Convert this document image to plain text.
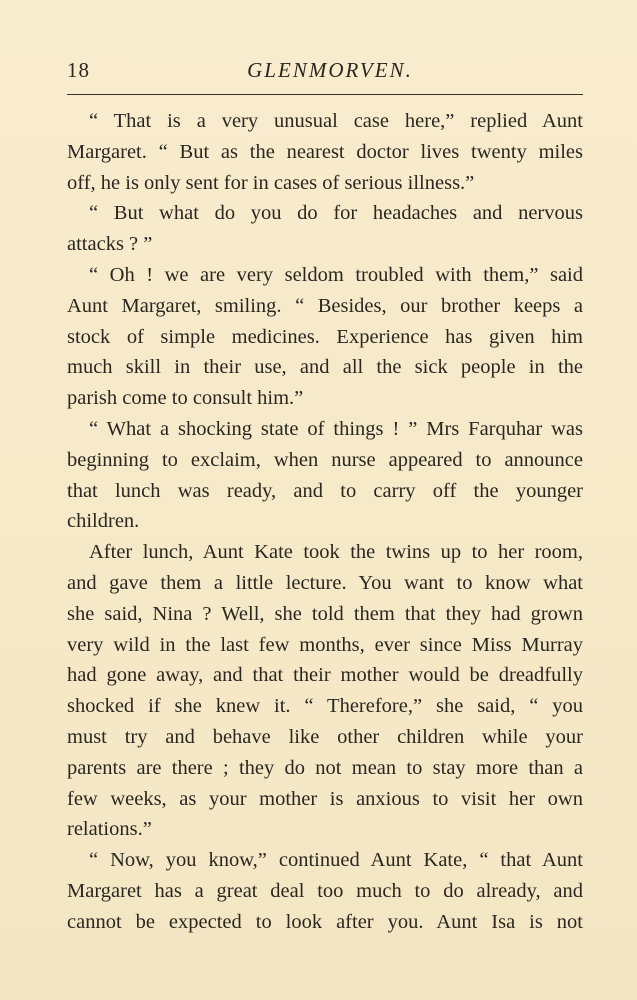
18	GLENMORVEN.
“ That is a very unusual case here,” replied Aunt
Margaret. “ But as the nearest doctor lives twenty miles
off, he is only sent for in cases of serious illness.”
“ But what do you do for headaches and nervous
attacks ? ”
“ Oh ! we are very seldom troubled with them,” said
Aunt Margaret, smiling. “ Besides, our brother keeps a
stock of simple medicines. Experience has given him
much skill in their use, and all the sick people in the
parish come to consult him.”
“ What a shocking state of things ! ” Mrs Farquhar was
beginning to exclaim, when nurse appeared to announce
that lunch was ready, and to carry off the younger
children.
After lunch, Aunt Kate took the twins up to her room,
and gave them a little lecture. You want to know what
she said, Nina ? Well, she told them that they had grown
very wild in the last few months, ever since Miss Murray
had gone away, and that their mother would be dreadfully
shocked if she knew it. “ Therefore,” she said, “ you
must try and behave like other children while your
parents are there ; they do not mean to stay more than a
few weeks, as your mother is anxious to visit her own
relations.”
“ Now, you know,” continued Aunt Kate, “ that Aunt
Margaret has a great deal too much to do already, and
cannot be expected to look after you. Aunt Isa is not
